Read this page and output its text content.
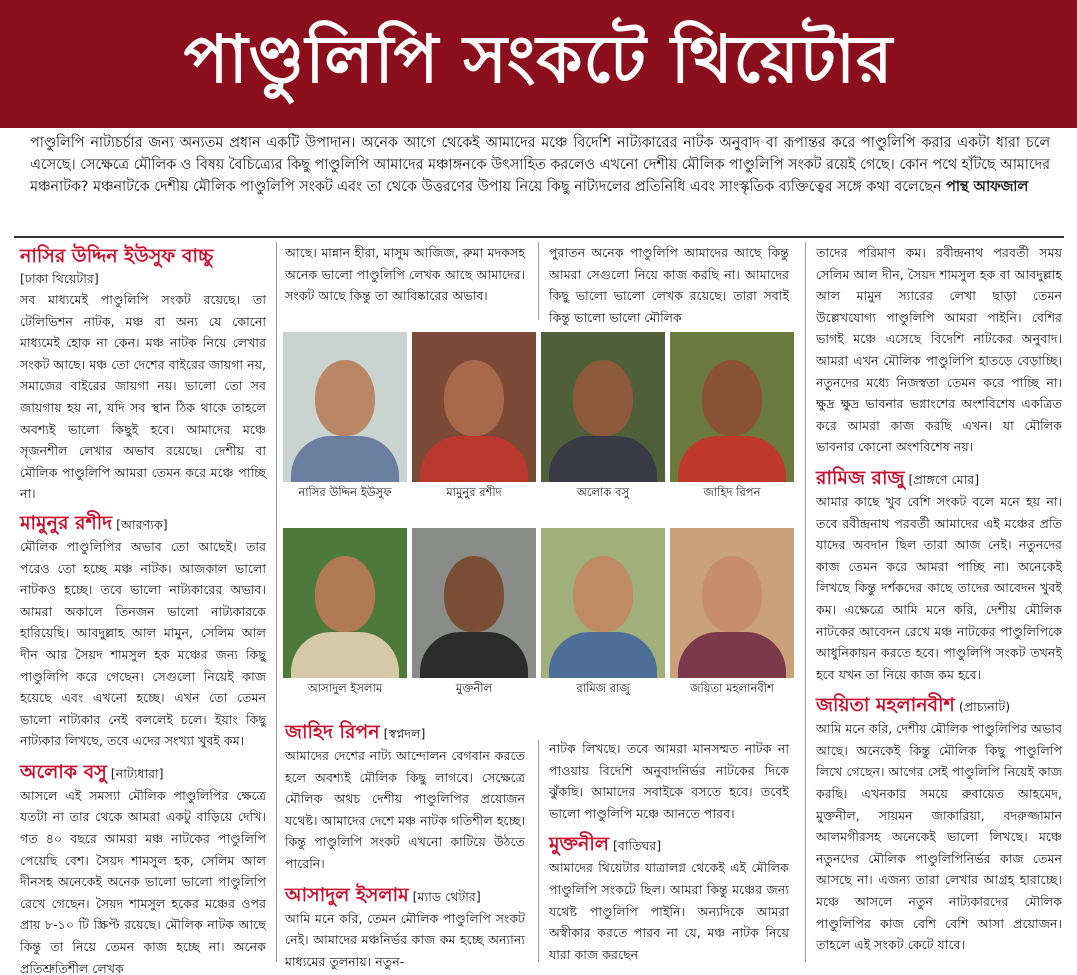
পাণ্ডুলিপি সংকটে থিয়েটার
পাণ্ডুলিপি নাট্যচর্চার জন্য অন্যতম প্রধান একটি উপাদান। অনেক আগে থেকেই আমাদের মঞ্চে বিদেশি নাট্যকারের নাটক অনুবাদ বা রূপান্তর করে পাণ্ডুলিপি করার একটা ধারা চলে এসেছে। সেক্ষেত্রে মৌলিক ও বিষয় বৈচিত্র্যের কিছু পাণ্ডুলিপি আমাদের মঞ্চাঙ্গনকে উৎসাহিত করলেও এখনো দেশীয় মৌলিক পাণ্ডুলিপি সংকট রয়েই গেছে। কোন পথে হাঁটছে আমাদের মঞ্চনাটক? মঞ্চনাটকে দেশীয় মৌলিক পাণ্ডুলিপি সংকট এবং তা থেকে উত্তরণের উপায় নিয়ে কিছু নাট্যদলের প্রতিনিধি এবং সাংস্কৃতিক ব্যক্তিত্বের সঙ্গে কথা বলেছেন পান্থ আফজাল
নাসির উদ্দিন ইউসুফ বাচ্চু
[ঢাকা থিয়েটার]

সব মাধ্যমেই পাণ্ডুলিপি সংকট রয়েছে। তা টেলিভিশন নাটক, মঞ্চ বা অন্য যে কোনো মাধ্যমেই হোক না কেন। মঞ্চ নাটক নিয়ে লেখার সংকট আছে। মঞ্চ তো দেশের বাইরের জায়গা নয়, সমাজের বাইরের জায়গা নয়। ভালো তো সব জায়গায় হয় না, যদি সব স্থান ঠিক থাকে তাহলে অবশ্যই ভালো কিছুই হবে। আমাদের মঞ্চে সৃজনশীল লেখার অভাব রয়েছে। দেশীয় বা মৌলিক পাণ্ডুলিপি আমরা তেমন করে মঞ্চে পাচ্ছি না।

মামুনুর রশীদ [আরণ্যক]

মৌলিক পাণ্ডুলিপির অভাব তো আছেই। তার পরেও তো হচ্ছে মঞ্চ নাটক। আজকাল ভালো নাটকও হচ্ছে। তবে ভালো নাট্যকারের অভাব। আমরা অকালে তিনজন ভালো নাট্যকারকে হারিয়েছি। আবদুল্লাহ আল মামুন, সেলিম আল দীন আর সৈয়দ শামসুল হক মঞ্চের জন্য কিছু পাণ্ডুলিপি করে গেছেন। সেগুলো নিয়েই কাজ হয়েছে এবং এখনো হচ্ছে। এখন তো তেমন ভালো নাট্যকার নেই বললেই চলে। ইয়াং কিছু নাট্যকার লিখছে, তবে এদের সংখ্যা খুবই কম।

অলোক বসু [নাট্যধারা]

আসলে এই সমস্যা মৌলিক পাণ্ডুলিপির ক্ষেত্রে যতটা না তার থেকে আমরা একটু বাড়িয়ে দেখি। গত ৪০ বছরে আমরা মঞ্চ নাটকের পাণ্ডুলিপি পেয়েছি বেশ। সৈয়দ শামসুল হক, সেলিম আল দীনসহ অনেকেই অনেক ভালো ভালো পাণ্ডুলিপি রেখে গেছেন। সৈয়দ শামসুল হকের মঞ্চের ওপর প্রায় ৮-১০ টি স্ক্রিপ্ট রয়েছে। মৌলিক নাটক আছে কিন্তু তা নিয়ে তেমন কাজ হচ্ছে না। অনেক প্রতিশ্রুতিশীল লেখক

আছে। মান্নান হীরা, মাসুম আজিজ, রুমা মদকসহ অনেক ভালো পাণ্ডুলিপি লেখক আছে আমাদের। সংকট আছে কিন্তু তা আবিষ্কারের অভাব।

জাহিদ রিপন [স্বপ্নদল]

আমাদের দেশের নাট্য আন্দোলন বেগবান করতে হলে অবশ্যই মৌলিক কিছু লাগবে। সেক্ষেত্রে মৌলিক অথচ দেশীয় পাণ্ডুলিপির প্রয়োজন যথেষ্ট। আমাদের দেশে মঞ্চ নাটক গতিশীল হচ্ছে। কিন্তু পাণ্ডুলিপি সংকট এখনো কাটিয়ে উঠতে পারেনি।

আসাদুল ইসলাম [ম্যাড থেটার]

আমি মনে করি, তেমন মৌলিক পাণ্ডুলিপি সংকট নেই। আমাদের মঞ্চনির্ভর কাজ কম হচ্ছে অন্যান্য মাধ্যমের তুলনায়। নতুন-

পুরাতন অনেক পাণ্ডুলিপি আমাদের আছে কিন্তু আমরা সেগুলো নিয়ে কাজ করছি না। আমাদের কিছু ভালো ভালো লেখক রয়েছে। তারা সবাই কিন্তু ভালো ভালো মৌলিক

নাটক লিখছে। তবে আমরা মানসম্মত নাটক না পাওয়ায় বিদেশি অনুবাদনির্ভর নাটকের দিকে ঝুঁকছি। আমাদের সবাইকে বসতে হবে। তবেই ভালো পাণ্ডুলিপি মঞ্চে আনতে পারব।

মুক্তনীল [বাতিঘর]

আমাদের থিয়েটার যাত্রালগ্ন থেকেই এই মৌলিক পাণ্ডুলিপি সংকটে ছিল। আমরা কিন্তু মঞ্চের জন্য যথেষ্ট পাণ্ডুলিপি পাইনি। অন্যদিকে আমরা অস্বীকার করতে পারব না যে, মঞ্চ নাটক নিয়ে যারা কাজ করছেন

তাদের পরিমাণ কম। রবীন্দ্রনাথ পরবর্তী সময় সেলিম আল দীন, সৈয়দ শামসুল হক বা আবদুল্লাহ আল মামুন স্যারের লেখা ছাড়া তেমন উল্লেখযোগ্য পাণ্ডুলিপি আমরা পাইনি। বেশির ভাগই মঞ্চে এসেছে বিদেশি নাটকের অনুবাদ। আমরা এখন মৌলিক পাণ্ডুলিপি হাতড়ে বেড়াচ্ছি। নতুনদের মধ্যে নিজস্বতা তেমন করে পাচ্ছি না। ক্ষুদ্র ক্ষুদ্র ভাবনার ভগ্নাংশের অংশবিশেষ একত্রিত করে আমরা কাজ করছি এখন। যা মৌলিক ভাবনার কোনো অংশবিশেষ নয়।

রামিজ রাজু [প্রাঙ্গণে মোর]

আমার কাছে খুব বেশি সংকট বলে মনে হয় না। তবে রবীন্দ্রনাথ পরবর্তী আমাদের এই মঞ্চের প্রতি যাদের অবদান ছিল তারা আজ নেই। নতুনদের কাজ তেমন করে আমরা পাচ্ছি না। অনেকেই লিখছে কিন্তু দর্শকদের কাছে তাদের আবেদন খুবই কম। এক্ষেত্রে আমি মনে করি, দেশীয় মৌলিক নাটকের আবেদন রেখে মঞ্চ নাটকের পাণ্ডুলিপিকে আধুনিকায়ন করতে হবে। পাণ্ডুলিপি সংকট তখনই হবে যখন তা নিয়ে কাজ কম হবে।

জয়িতা মহলানবীশ (প্রাচ্যনাট)

আমি মনে করি, দেশীয় মৌলিক পাণ্ডুলিপির অভাব আছে। অনেকেই কিন্তু মৌলিক কিছু পাণ্ডুলিপি লিখে গেছেন। আগের সেই পাণ্ডুলিপি নিয়েই কাজ করছি। এখনকার সময়ে রুবায়েত আহমেদ, মুক্তনীল, সায়মন জাকারিয়া, বদরুজ্জামান আলমগীরসহ অনেকেই ভালো লিখছে। মঞ্চে নতুনদের মৌলিক পাণ্ডুলিপিনির্ভর কাজ তেমন আসছে না। এজন্য তারা লেখার আগ্রহ হারাচ্ছে। মঞ্চে আসলে নতুন নাট্যকারদের মৌলিক পাণ্ডুলিপির কাজ বেশি বেশি আসা প্রয়োজন। তাহলে এই সংকট কেটে যাবে।

নাসির উদ্দিন ইউসুফ	মামুনুর রশীদ	অলোক বসু	জাহিদ রিপন
আসাদুল ইসলাম	মুক্তনীল	রামিজ রাজু	জয়িতা মহলানবীশ
